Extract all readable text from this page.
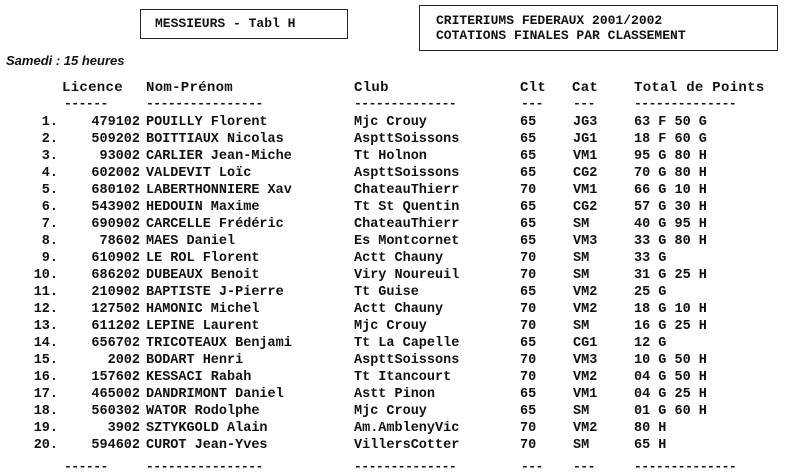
MESSIEURS - Tabl H	CRITERIUMS FEDERAUX 2001/2002
COTATIONS FINALES PAR CLASSEMENT
Samedi : 15 heures
Licence Nom-Prénom	Club	Clt Cat	Total de Points
------	----------------	--------------	--- ---	--------------
1.	479102 POUILLY Florent	Mjc Crouy	65	JG3	63 F 50 G
2.	509202 BOITTIAUX Nicolas	AspttSoissons	65	JG1	18 F 60 G
3.	93002 CARLIER Jean-Miche	Tt Holnon	65	VM1	95 G 80 H
4.	602002 VALDEVIT Loïc	AspttSoissons	65	CG2	70 G 80 H
5.	680102 LABERTHONNIERE Xav	ChateauThierr	70	VM1	66 G 10 H
6.	543902 HEDOUIN Maxime	Tt St Quentin	65	CG2	57 G 30 H
7.	690902 CARCELLE Frédéric	ChateauThierr	65	SM	40 G 95 H
8.	78602 MAES Daniel	Es Montcornet	65	VM3	33 G 80 H
9.	610902 LE ROL Florent	Actt Chauny	70	SM	33 G
10.	686202 DUBEAUX Benoit	Viry Noureuil	70	SM	31 G 25 H
11.	210902 BAPTISTE J-Pierre	Tt Guise	65	VM2	25 G
12.	127502 HAMONIC Michel	Actt Chauny	70	VM2	18 G 10 H
13.	611202 LEPINE Laurent	Mjc Crouy	70	SM	16 G 25 H
14.	656702 TRICOTEAUX Benjami	Tt La Capelle	65	CG1	12 G
15.	2002 BODART Henri	AspttSoissons	70	VM3	10 G 50 H
16.	157602 KESSACI Rabah	Tt Itancourt	70	VM2	04 G 50 H
17.	465002 DANDRIMONT Daniel	Astt Pinon	65	VM1	04 G 25 H
18.	560302 WATOR Rodolphe	Mjc Crouy	65	SM	01 G 60 H
19.	3902 SZTYKGOLD Alain	Am.AmblenyVic	70	VM2	80 H
20.	594602 CUROT Jean-Yves	VillersCotter	70	SM	65 H
------	----------------	--------------	--- ---	--------------
